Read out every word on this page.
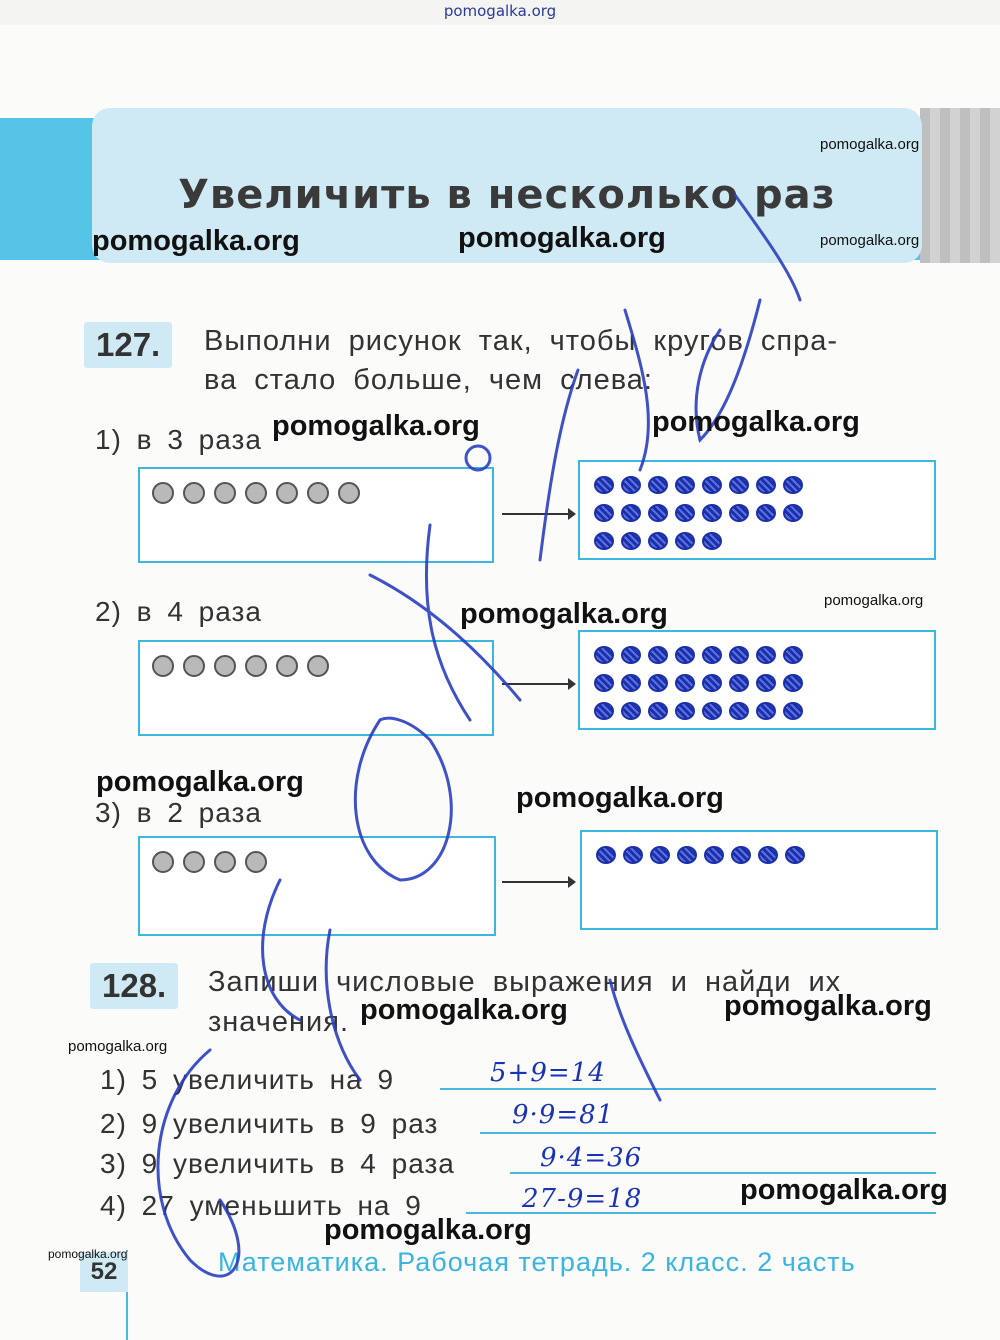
pomogalka.org
Увеличить в несколько раз
127.	Выполни рисунок так, чтобы кругов спра-
ва стало больше, чем слева:
1) в 3 раза
2) в 4 раза
3) в 2 раза
128.	Запиши числовые выражения и найди их
значения.
1) 5 увеличить на 9	5+9=14
2) 9 увеличить в 9 раз	9·9=81
3) 9 увеличить в 4 раза	9·4=36
4) 27 уменьшить на 9	27-9=18
52	Математика. Рабочая тетрадь. 2 класс. 2 часть
pomogalka.org
pomogalka.org	pomogalka.org	pomogalka.org
pomogalka.org	pomogalka.org
pomogalka.org
pomogalka.org
pomogalka.org	pomogalka.org
pomogalka.org	pomogalka.org
pomogalka.org
pomogalka.org
pomogalka.org
pomogalka.org
